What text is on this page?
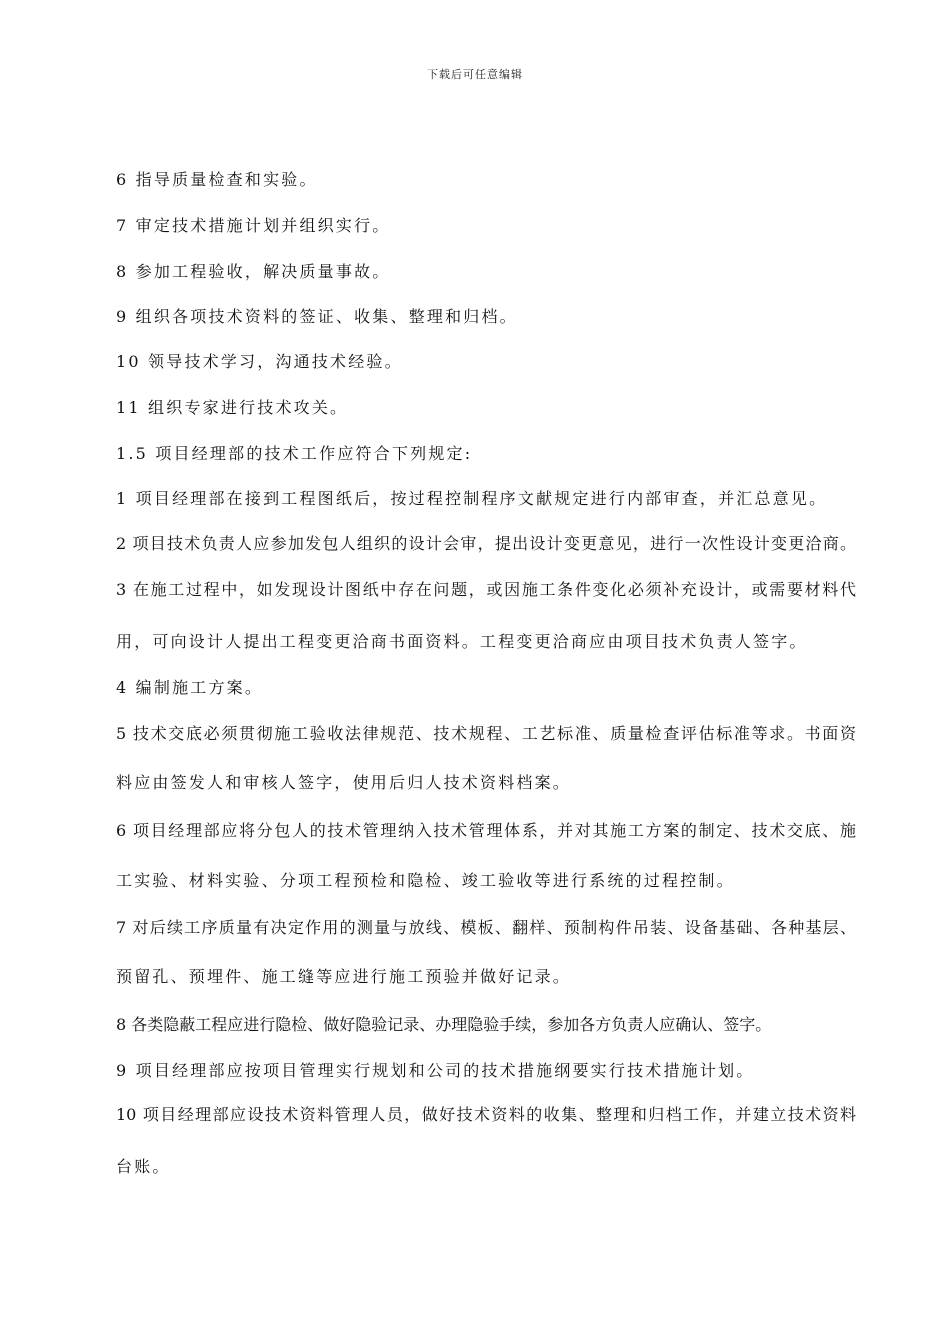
下载后可任意编辑
6 指导质量检查和实验。
7 审定技术措施计划并组织实行。
8 参加工程验收，解决质量事故。
9 组织各项技术资料的签证、收集、整理和归档。
10 领导技术学习，沟通技术经验。
11 组织专家进行技术攻关。
1.5 项目经理部的技术工作应符合下列规定:
1 项目经理部在接到工程图纸后，按过程控制程序文献规定进行内部审查，并汇总意见。
2 项目技术负责人应参加发包人组织的设计会审，提出设计变更意见，进行一次性设计变更洽商。
3 在施工过程中，如发现设计图纸中存在问题，或因施工条件变化必须补充设计，或需要材料代
用，可向设计人提出工程变更洽商书面资料。工程变更洽商应由项目技术负责人签字。
4 编制施工方案。
5 技术交底必须贯彻施工验收法律规范、技术规程、工艺标准、质量检查评估标准等求。书面资
料应由签发人和审核人签字，使用后归人技术资料档案。
6 项目经理部应将分包人的技术管理纳入技术管理体系，并对其施工方案的制定、技术交底、施
工实验、材料实验、分项工程预检和隐检、竣工验收等进行系统的过程控制。
7 对后续工序质量有决定作用的测量与放线、模板、翻样、预制构件吊装、设备基础、各种基层、
预留孔、预埋件、施工缝等应进行施工预验并做好记录。
8 各类隐蔽工程应进行隐检、做好隐验记录、办理隐验手续，参加各方负责人应确认、签字。
9 项目经理部应按项目管理实行规划和公司的技术措施纲要实行技术措施计划。
10 项目经理部应设技术资料管理人员，做好技术资料的收集、整理和归档工作，并建立技术资料
台账。
